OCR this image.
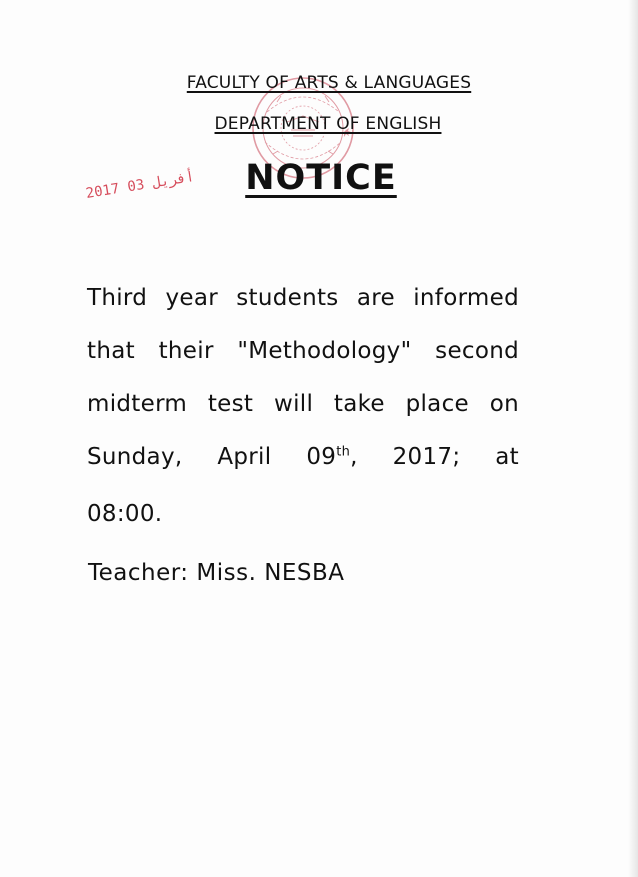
FACULTY OF ARTS & LANGUAGES
DEPARTMENT OF ENGLISH
NOTICE
2017 أفريل 03
Third year students are informed
that their "Methodology" second
midterm test will take place on
Sunday, April 09th, 2017; at
08:00.
Teacher: Miss. NESBA
